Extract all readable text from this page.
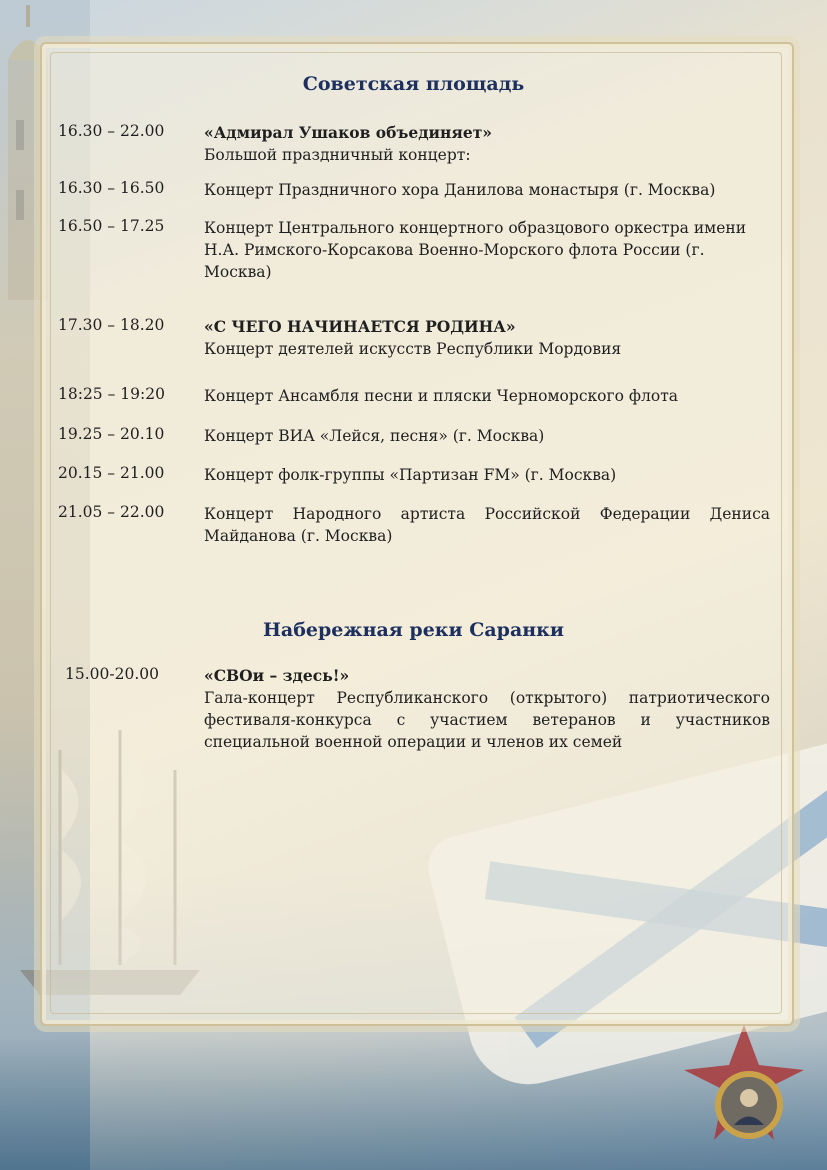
Советская площадь
16.30 – 22.00	«Адмирал Ушаков объединяет»
Большой праздничный концерт:
16.30 – 16.50	Концерт Праздничного хора Данилова монастыря (г. Москва)
16.50 – 17.25	Концерт Центрального концертного образцового оркестра имени Н.А. Римского-Корсакова Военно-Морского флота России (г. Москва)
17.30 – 18.20	«С ЧЕГО НАЧИНАЕТСЯ РОДИНА»
Концерт деятелей искусств Республики Мордовия
18:25 – 19:20	Концерт Ансамбля песни и пляски Черноморского флота
19.25 – 20.10	Концерт ВИА «Лейся, песня» (г. Москва)
20.15 – 21.00	Концерт фолк-группы «Партизан FM» (г. Москва)
21.05 – 22.00	Концерт Народного артиста Российской Федерации Дениса Майданова (г. Москва)
Набережная реки Саранки
15.00-20.00	«СВОи – здесь!»
Гала-концерт Республиканского (открытого) патриотического фестиваля-конкурса с участием ветеранов и участников специальной военной операции и членов их семей
